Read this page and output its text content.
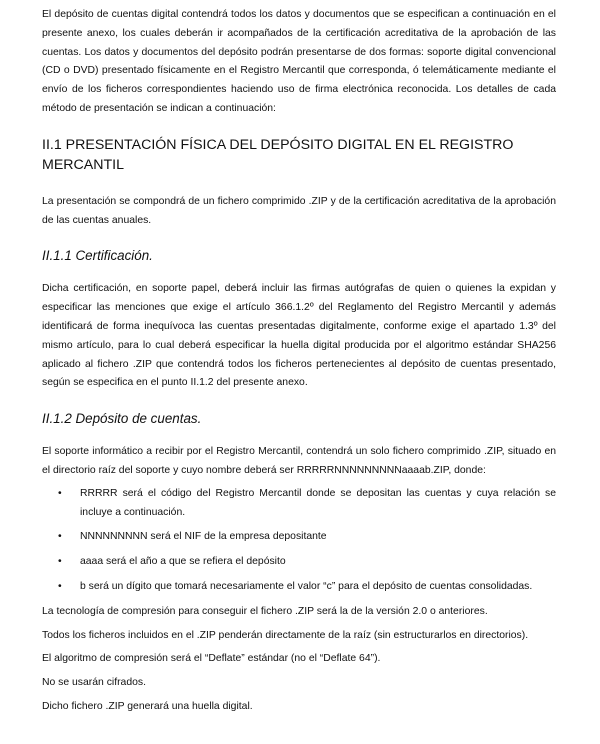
El depósito de cuentas digital contendrá todos los datos y documentos que se especifican a continuación en el presente anexo, los cuales deberán ir acompañados de la certificación acreditativa de la aprobación de las cuentas. Los datos y documentos del depósito podrán presentarse de dos formas: soporte digital convencional (CD o DVD) presentado físicamente en el Registro Mercantil que corresponda, ó telemáticamente mediante el envío de los ficheros correspondientes haciendo uso de firma electrónica reconocida. Los detalles de cada método de presentación se indican a continuación:

II.1 PRESENTACIÓN FÍSICA DEL DEPÓSITO DIGITAL EN EL REGISTRO MERCANTIL

La presentación se compondrá de un fichero comprimido .ZIP y de la certificación acreditativa de la aprobación de las cuentas anuales.

II.1.1 Certificación.

Dicha certificación, en soporte papel, deberá incluir las firmas autógrafas de quien o quienes la expidan y especificar las menciones que exige el artículo 366.1.2º del Reglamento del Registro Mercantil y además identificará de forma inequívoca las cuentas presentadas digitalmente, conforme exige el apartado 1.3º del mismo artículo, para lo cual deberá especificar la huella digital producida por el algoritmo estándar SHA256 aplicado al fichero .ZIP que contendrá todos los ficheros pertenecientes al depósito de cuentas presentado, según se especifica en el punto II.1.2 del presente anexo.

II.1.2 Depósito de cuentas.

El soporte informático a recibir por el Registro Mercantil, contendrá un solo fichero comprimido .ZIP, situado en el directorio raíz del soporte y cuyo nombre deberá ser RRRRRNNNNNNNNNaaaab.ZIP, donde:

• RRRRR será el código del Registro Mercantil donde se depositan las cuentas y cuya relación se incluye a continuación.
• NNNNNNNNN será el NIF de la empresa depositante
• aaaa será el año a que se refiera el depósito
• b será un dígito que tomará necesariamente el valor “c” para el depósito de cuentas consolidadas.

La tecnología de compresión para conseguir el fichero .ZIP será la de la versión 2.0 o anteriores.

Todos los ficheros incluidos en el .ZIP penderán directamente de la raíz (sin estructurarlos en directorios).

El algoritmo de compresión será el “Deflate” estándar (no el “Deflate 64”).

No se usarán cifrados.

Dicho fichero .ZIP generará una huella digital.
